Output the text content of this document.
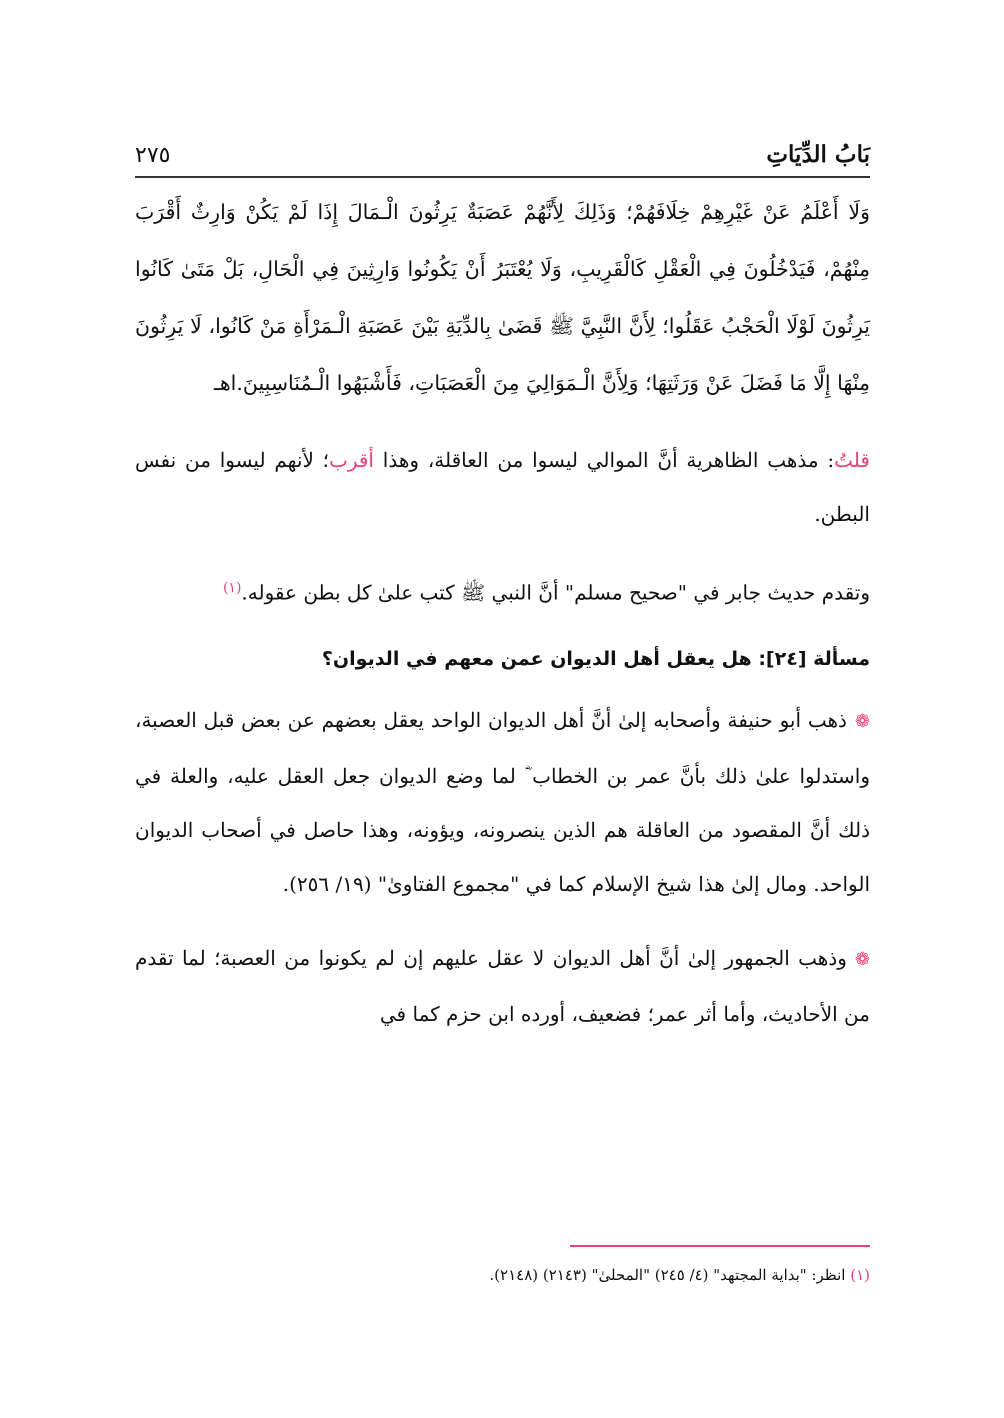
بَابُ الدِّيَاتِ
٢٧٥

وَلَا أَعْلَمُ عَنْ غَيْرِهِمْ خِلَافَهُمْ؛ وَذَلِكَ لِأَنَّهُمْ عَصَبَةٌ يَرِثُونَ الْـمَالَ إِذَا لَمْ يَكُنْ وَارِثٌ أَقْرَبَ مِنْهُمْ، فَيَدْخُلُونَ فِي الْعَقْلِ كَالْقَرِيبِ، وَلَا يُعْتَبَرُ أَنْ يَكُونُوا وَارِثِينَ فِي الْحَالِ، بَلْ مَتَىٰ كَانُوا يَرِثُونَ لَوْلَا الْحَجْبُ عَقَلُوا؛ لِأَنَّ النَّبِيَّ ﷺ قَضَىٰ بِالدِّيَةِ بَيْنَ عَصَبَةِ الْـمَرْأَةِ مَنْ كَانُوا، لَا يَرِثُونَ مِنْهَا إِلَّا مَا فَضَلَ عَنْ وَرَثَتِهَا؛ وَلِأَنَّ الْـمَوَالِيَ مِنَ الْعَصَبَاتِ، فَأَشْبَهُوا الْـمُنَاسِبِينَ.اهـ

قلتُ: مذهب الظاهرية أنَّ الموالي ليسوا من العاقلة، وهذا أقرب؛ لأنهم ليسوا من نفس البطن.

وتقدم حديث جابر في "صحيح مسلم" أنَّ النبي ﷺ كتب علىٰ كل بطن عقوله.$^{(١)}$

مسألة [٢٤]: هل يعقل أهل الديوان عمن معهم في الديوان؟

❁ذهب أبو حنيفة وأصحابه إلىٰ أنَّ أهل الديوان الواحد يعقل بعضهم عن بعض قبل العصبة، واستدلوا علىٰ ذلك بأنَّ عمر بن الخطاب ؓ لما وضع الديوان جعل العقل عليه، والعلة في ذلك أنَّ المقصود من العاقلة هم الذين ينصرونه، ويؤونه، وهذا حاصل في أصحاب الديوان الواحد. ومال إلىٰ هذا شيخ الإسلام كما في "مجموع الفتاوىٰ" (١٩/ ٢٥٦).

❁وذهب الجمهور إلىٰ أنَّ أهل الديوان لا عقل عليهم إن لم يكونوا من العصبة؛ لما تقدم من الأحاديث، وأما أثر عمر؛ فضعيف، أورده ابن حزم كما في

(١) انظر: "بداية المجتهد" (٤/ ٢٤٥) "المحلىٰ" (٢١٤٣) (٢١٤٨).
